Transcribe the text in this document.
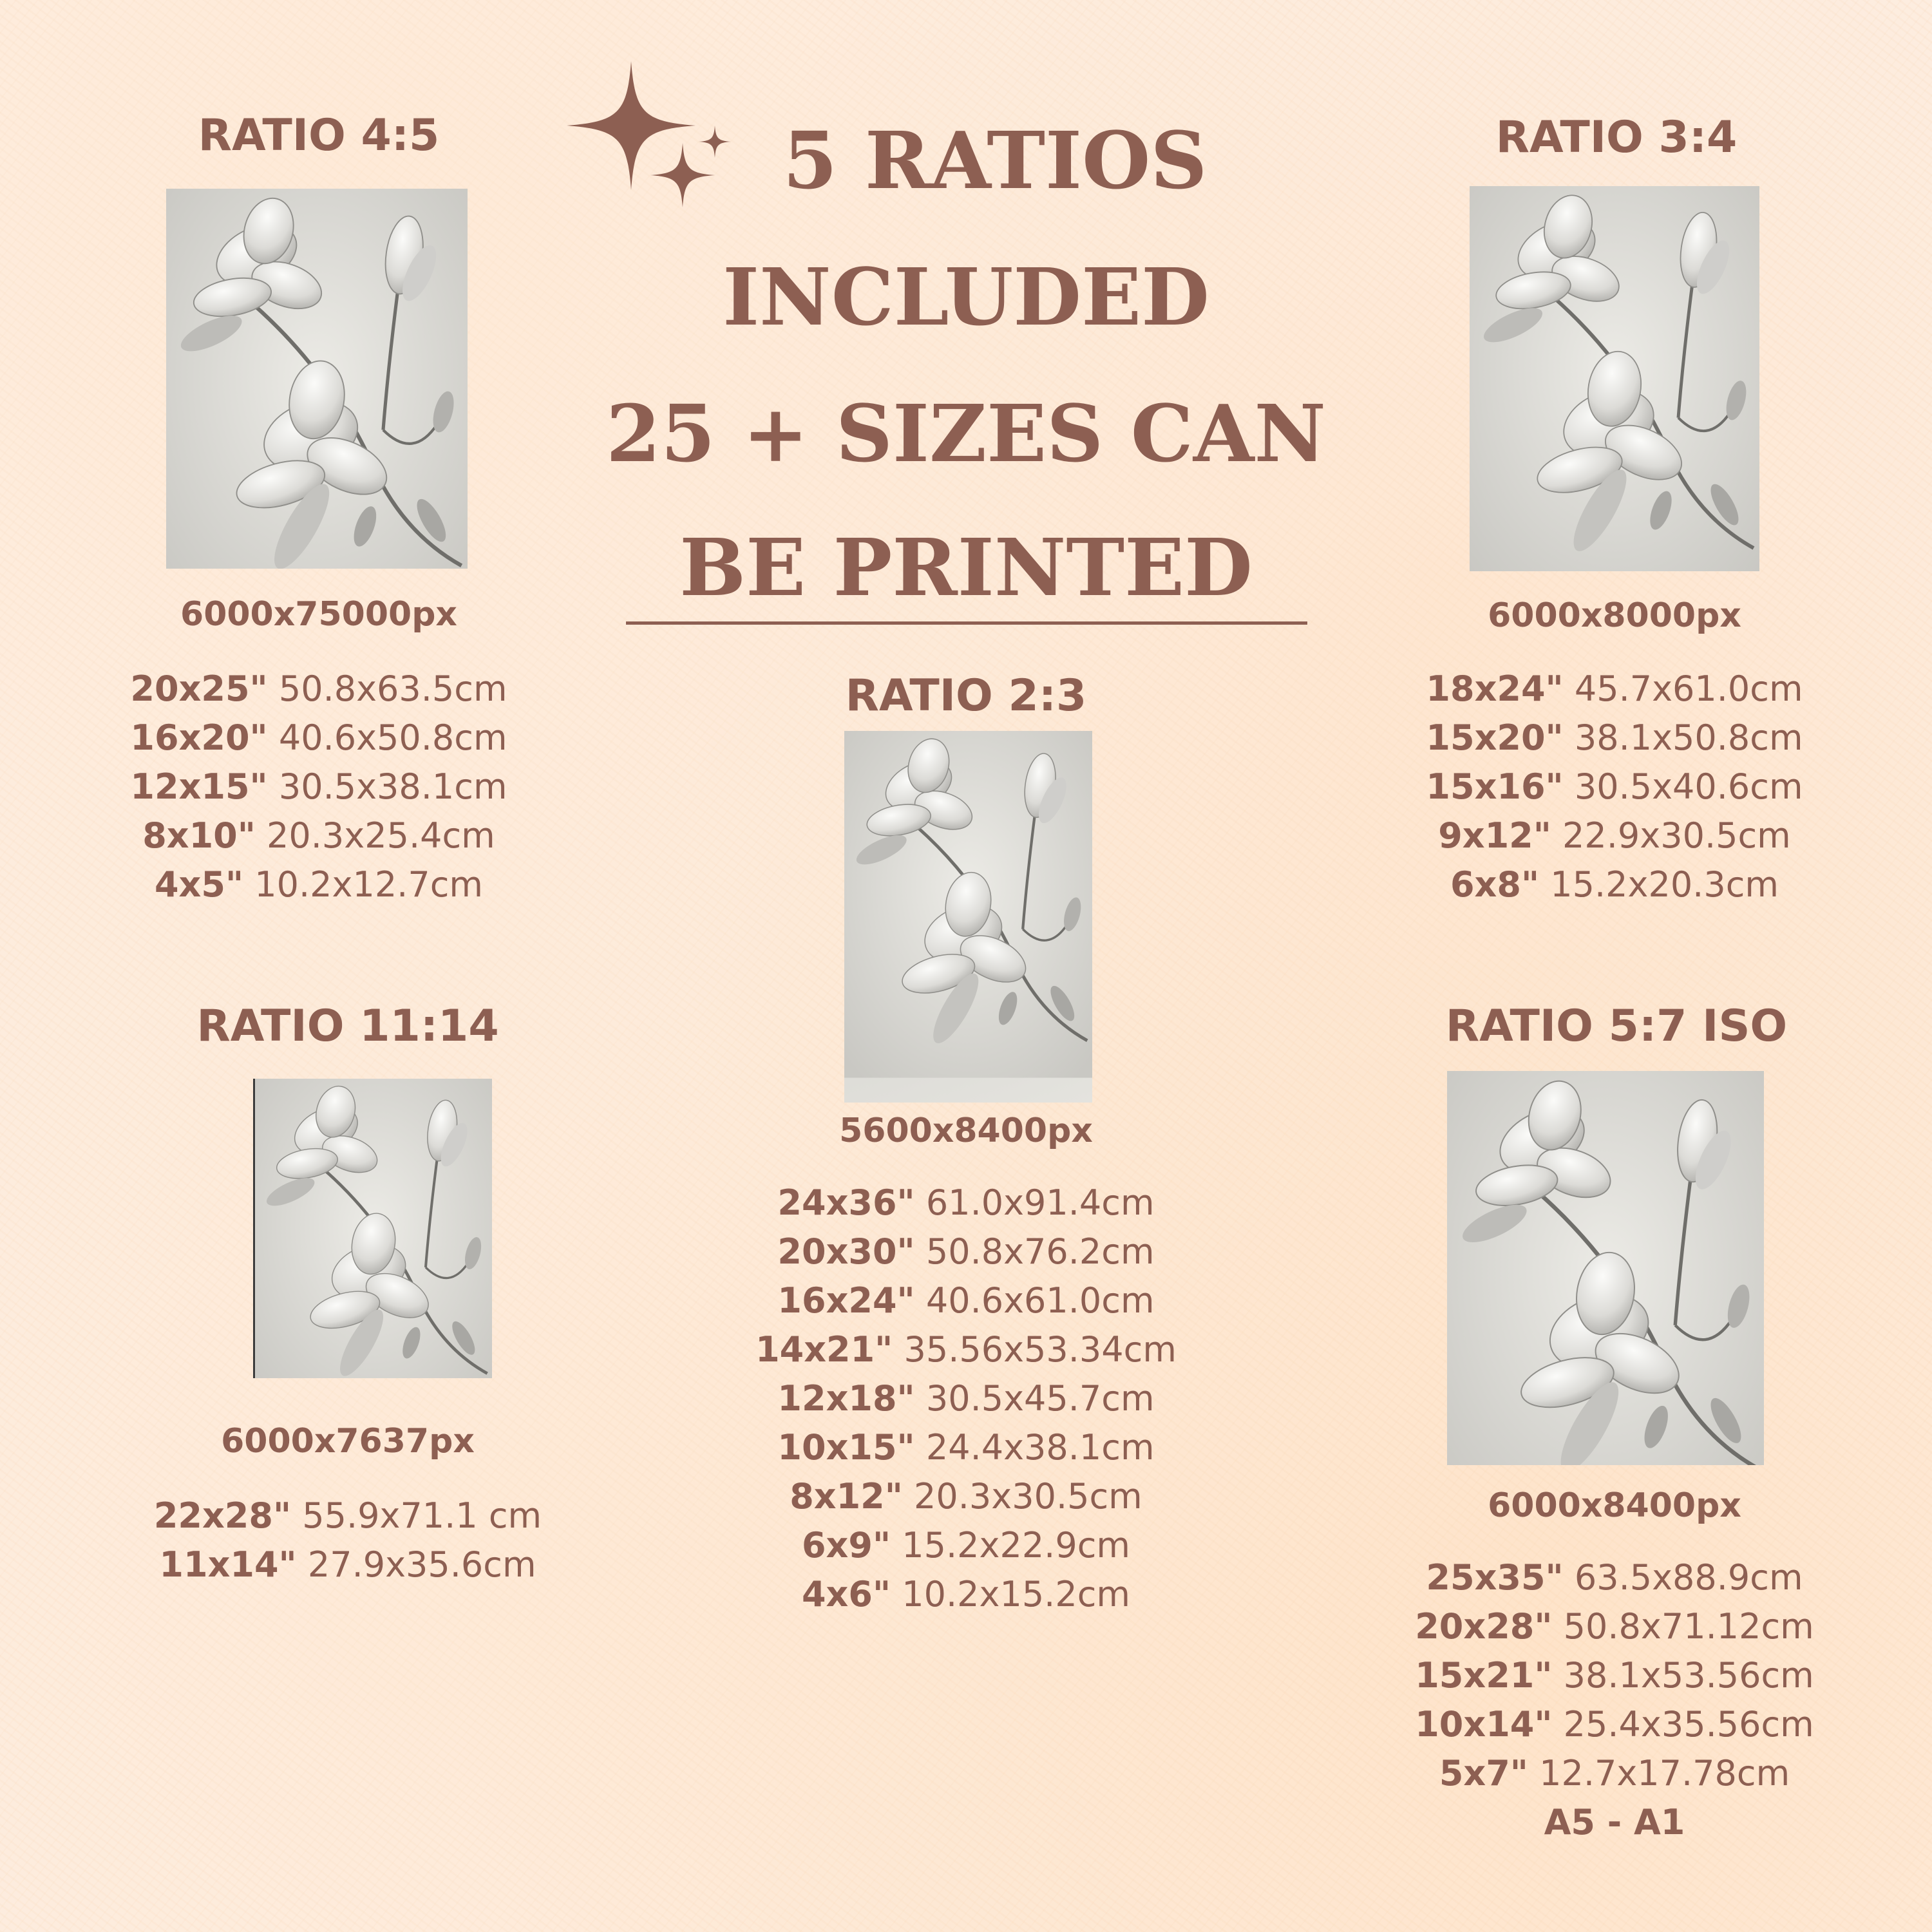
5 RATIOS
INCLUDED
25 + SIZES CAN
BE PRINTED
RATIO 4:5
6000x75000px
20x25" 50.8x63.5cm
16x20" 40.6x50.8cm
12x15" 30.5x38.1cm
8x10" 20.3x25.4cm
4x5" 10.2x12.7cm
RATIO 3:4
6000x8000px
18x24" 45.7x61.0cm
15x20" 38.1x50.8cm
15x16" 30.5x40.6cm
9x12" 22.9x30.5cm
6x8" 15.2x20.3cm
RATIO 2:3
5600x8400px
24x36" 61.0x91.4cm
20x30" 50.8x76.2cm
16x24" 40.6x61.0cm
14x21" 35.56x53.34cm
12x18" 30.5x45.7cm
10x15" 24.4x38.1cm
8x12" 20.3x30.5cm
6x9" 15.2x22.9cm
4x6" 10.2x15.2cm
RATIO 11:14
6000x7637px
22x28" 55.9x71.1 cm
11x14" 27.9x35.6cm
RATIO 5:7 ISO
6000x8400px
25x35" 63.5x88.9cm
20x28" 50.8x71.12cm
15x21" 38.1x53.56cm
10x14" 25.4x35.56cm
5x7" 12.7x17.78cm
A5 - A1
